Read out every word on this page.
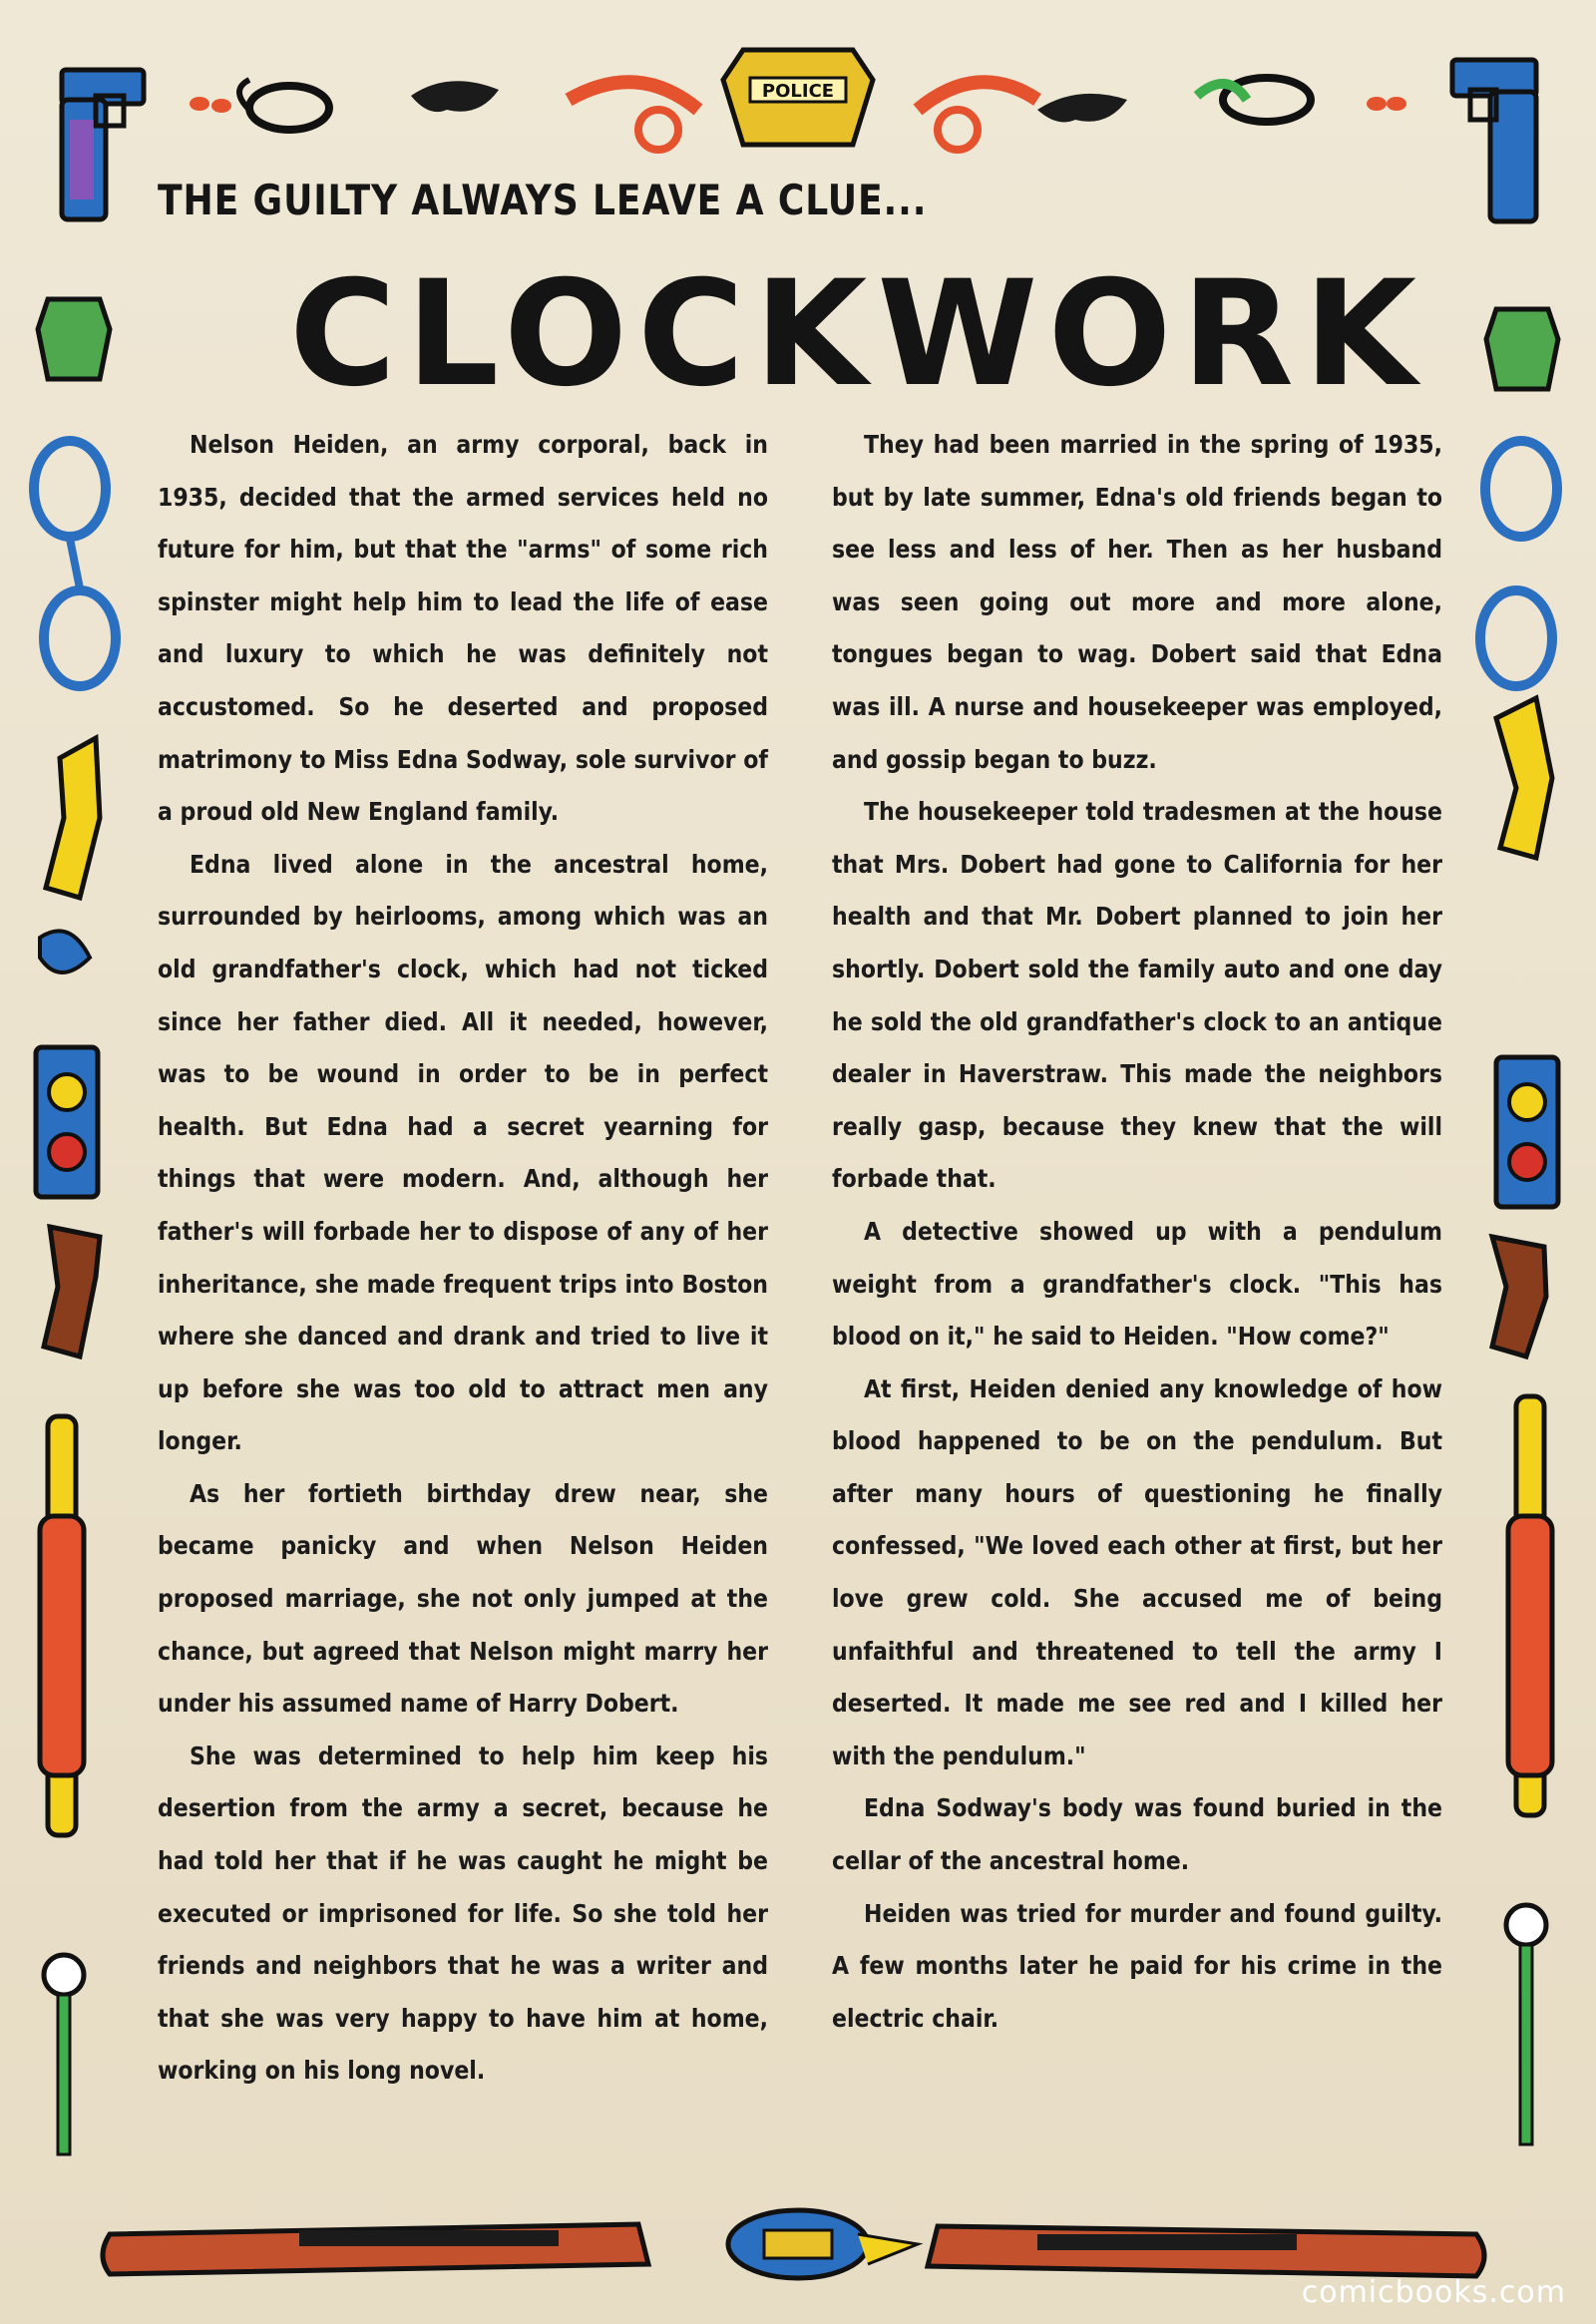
POLICE
THE GUILTY ALWAYS LEAVE A CLUE...
CLOCKWORK

Nelson Heiden, an army corporal, back in 1935, decided that the armed services held no future for him, but that the "arms" of some rich spinster might help him to lead the life of ease and luxury to which he was definitely not accustomed. So he deserted and proposed matrimony to Miss Edna Sodway, sole survivor of a proud old New England family.

Edna lived alone in the ancestral home, surrounded by heirlooms, among which was an old grandfather's clock, which had not ticked since her father died. All it needed, however, was to be wound in order to be in perfect health. But Edna had a secret yearning for things that were modern. And, although her father's will forbade her to dispose of any of her inheritance, she made frequent trips into Boston where she danced and drank and tried to live it up before she was too old to attract men any longer.

As her fortieth birthday drew near, she became panicky and when Nelson Heiden proposed marriage, she not only jumped at the chance, but agreed that Nelson might marry her under his assumed name of Harry Dobert.

She was determined to help him keep his desertion from the army a secret, because he had told her that if he was caught he might be executed or imprisoned for life. So she told her friends and neighbors that he was a writer and that she was very happy to have him at home, working on his long novel.

They had been married in the spring of 1935, but by late summer, Edna's old friends began to see less and less of her. Then as her husband was seen going out more and more alone, tongues began to wag. Dobert said that Edna was ill. A nurse and housekeeper was employed, and gossip began to buzz.

The housekeeper told tradesmen at the house that Mrs. Dobert had gone to California for her health and that Mr. Dobert planned to join her shortly. Dobert sold the family auto and one day he sold the old grandfather's clock to an antique dealer in Haverstraw. This made the neighbors really gasp, because they knew that the will forbade that.

A detective showed up with a pendulum weight from a grandfather's clock. "This has blood on it," he said to Heiden. "How come?"

At first, Heiden denied any knowledge of how blood happened to be on the pendulum. But after many hours of questioning he finally confessed, "We loved each other at first, but her love grew cold. She accused me of being unfaithful and threatened to tell the army I deserted. It made me see red and I killed her with the pendulum."

Edna Sodway's body was found buried in the cellar of the ancestral home.

Heiden was tried for murder and found guilty. A few months later he paid for his crime in the electric chair.

comicbooks.com
